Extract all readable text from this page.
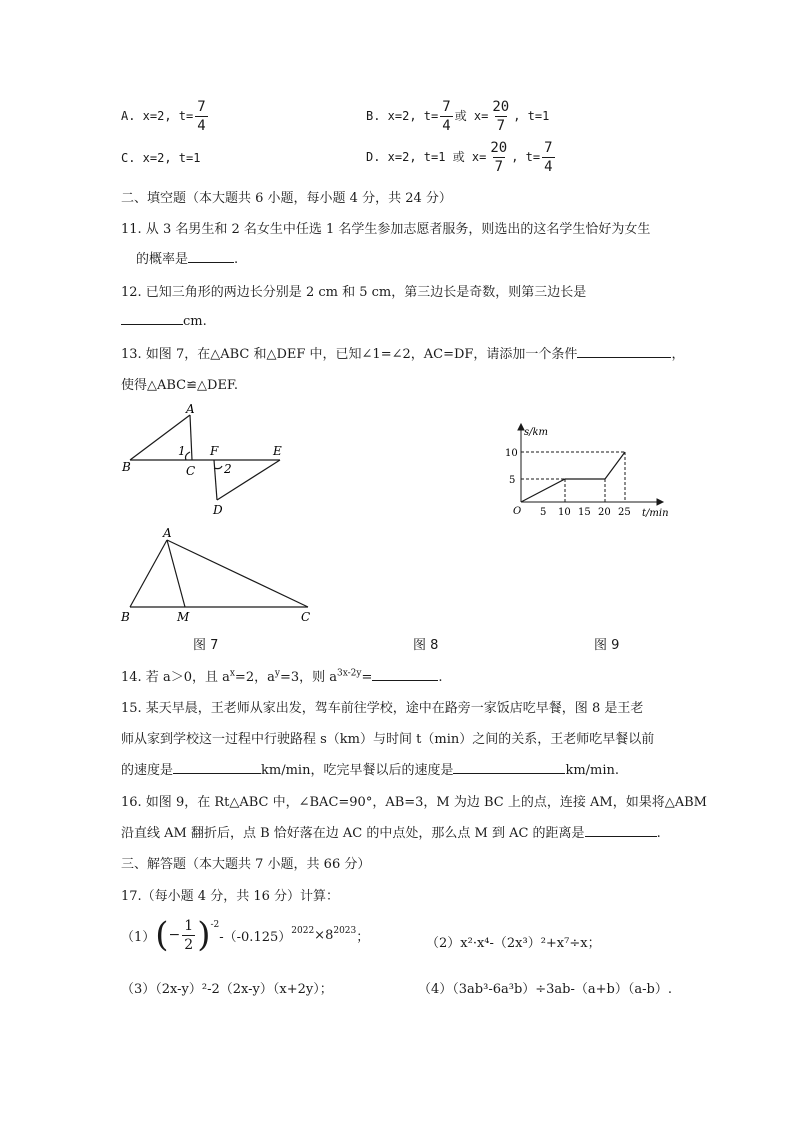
A. x=2, $t= \frac{7}{4}$	B. x=2, $t= \frac{7}{4}$ 或 $x= \frac{20}{7}$ , t=1
C. x=2, t=1	D. x=2, t=1 或 $x= \frac{20}{7}$ , $t= \frac{7}{4}$
二、填空题（本大题共 6 小题，每小题 4 分，共 24 分）
11. 从 3 名男生和 2 名女生中任选 1 名学生参加志愿者服务，则选出的这名学生恰好为女生
的概率是	.
12. 已知三角形的两边长分别是 2 cm 和 5 cm，第三边长是奇数，则第三边长是
cm.
13. 如图 7，在△ABC 和△DEF 中，已知∠1=∠2，AC=DF，请添加一个条件	，
使得△ABC≌△DEF.
A
B	C
F	E
D
1
2
s/km
t/min
O
5
10
5 10 15 20 25
A
B	M	C
图 7	图 8	图 9
14. 若 a＞0，且 $a^x=2$，$a^y=3$，则 $a^{3x-2y}=$	.
15. 某天早晨，王老师从家出发，驾车前往学校，途中在路旁一家饭店吃早餐，图 8 是王老
师从家到学校这一过程中行驶路程 s（km）与时间 t（min）之间的关系，王老师吃早餐以前
的速度是	km/min，吃完早餐以后的速度是	km/min.
16. 如图 9，在 Rt△ABC 中，∠BAC=90°，AB=3，M 为边 BC 上的点，连接 AM，如果将△ABM
沿直线 AM 翻折后，点 B 恰好落在边 AC 的中点处，那么点 M 到 AC 的距离是	.
三、解答题（本大题共 7 小题，共 66 分）
17.（每小题 4 分，共 16 分）计算：
（1） ( − $\frac{1}{2} )^{-2}$
$-(-0.125)^{2022} \times 8^{2023}$ ；	（2）x²·x⁴-（2x³）²+x⁷÷x；
（3）（2x-y）²-2（2x-y）（x+2y）；	（4）（3ab³-6a³b）÷3ab-（a+b）（a-b）.
